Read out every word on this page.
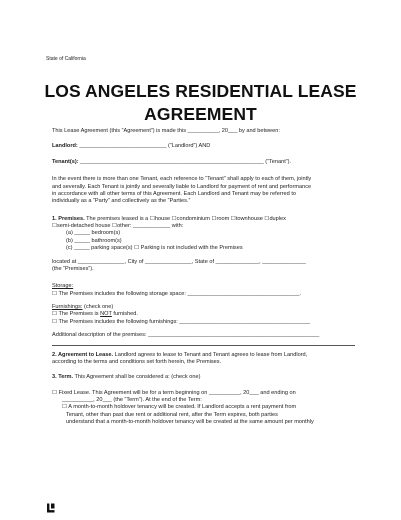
State of California
LOS ANGELES RESIDENTIAL LEASE
AGREEMENT

This Lease Agreement (this “Agreement”) is made this __________, 20___ by and between:

Landlord: ____________________________ (“Landlord”) AND

Tenant(s): ___________________________________________________________ (“Tenant”).

In the event there is more than one Tenant, each reference to “Tenant” shall apply to each of them, jointly

and severally. Each Tenant is jointly and severally liable to Landlord for payment of rent and performance

in accordance with all other terms of this Agreement. Each Landlord and Tenant may be referred to

individually as a “Party” and collectively as the “Parties.”

1. Premises. The premises leased is a ☐house ☐condominium ☐room ☐townhouse ☐duplex

☐semi-detached house ☐other: ____________ with:

(a) _____ bedroom(s)

(b) _____ bathroom(s)

(c) _____ parking space(s) ☐ Parking is not included with the Premises

located at _______________, City of _______________, State of ______________, ______________

(the “Premises”).

Storage:

☐ The Premises includes the following storage space: ____________________________________.

Furnishings: (check one)

☐ The Premises is NOT furnished.

☐ The Premises includes the following furnishings: __________________________________________

Additional description of the premises: _______________________________________________________

2. Agreement to Lease. Landlord agrees to lease to Tenant and Tenant agrees to lease from Landlord,

according to the terms and conditions set forth herein, the Premises.

3. Term. This Agreement shall be considered a: (check one)

☐ Fixed Lease. This Agreement will be for a term beginning on __________, 20___ and ending on

__________, 20___ (the “Term”). At the end of the Term:

☐ A month-to-month holdover tenancy will be created. If Landlord accepts a rent payment from

Tenant, other than past due rent or additional rent, after the Term expires, both parties

understand that a month-to-month holdover tenancy will be created at the same amount per monthly
